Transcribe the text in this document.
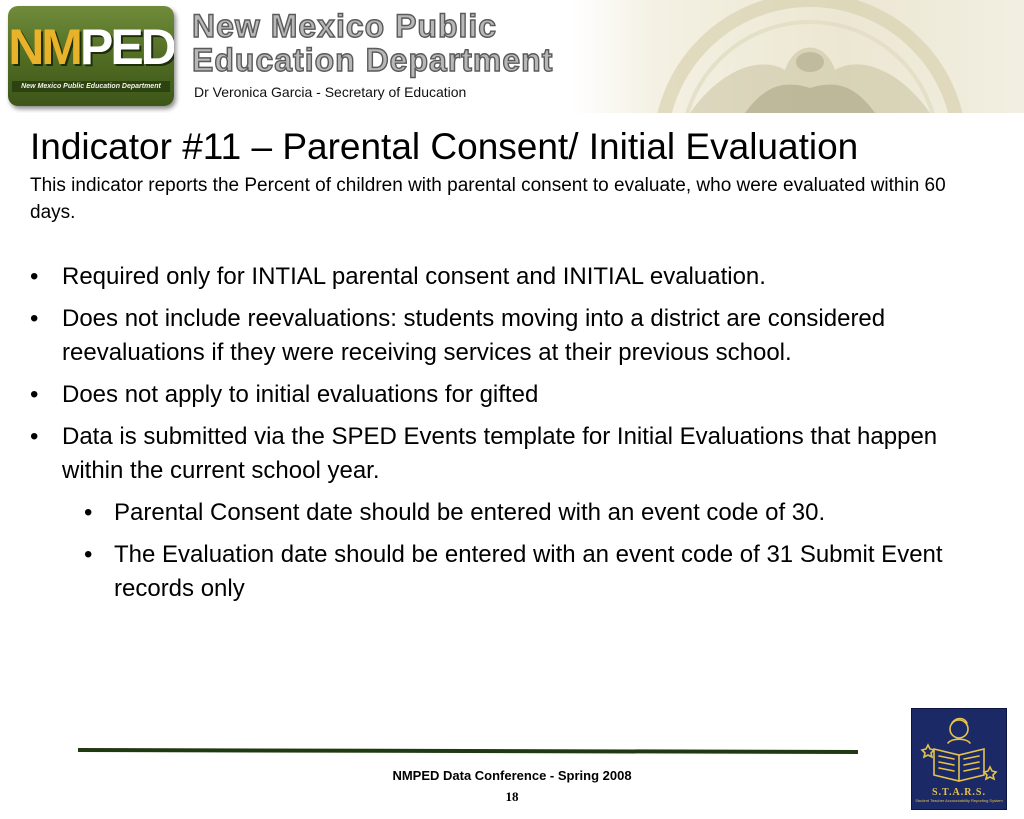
NMPED
New Mexico Public Education Department
New Mexico Public
Education Department
Dr Veronica Garcia - Secretary of Education
Indicator #11 – Parental Consent/ Initial Evaluation
This indicator reports the Percent of children with parental consent to evaluate, who were evaluated within 60 days.
• Required only for INTIAL parental consent and INITIAL evaluation.
• Does not include reevaluations: students moving into a district are considered reevaluations if they were receiving services at their previous school.
• Does not apply to initial evaluations for gifted
• Data is submitted via the SPED Events template for Initial Evaluations that happen within the current school year.
• Parental Consent date should be entered with an event code of 30.
• The Evaluation date should be entered with an event code of 31 Submit Event records only
NMPED Data Conference - Spring 2008
18	S.T.A.R.S.
Student Teacher Accountability Reporting System
